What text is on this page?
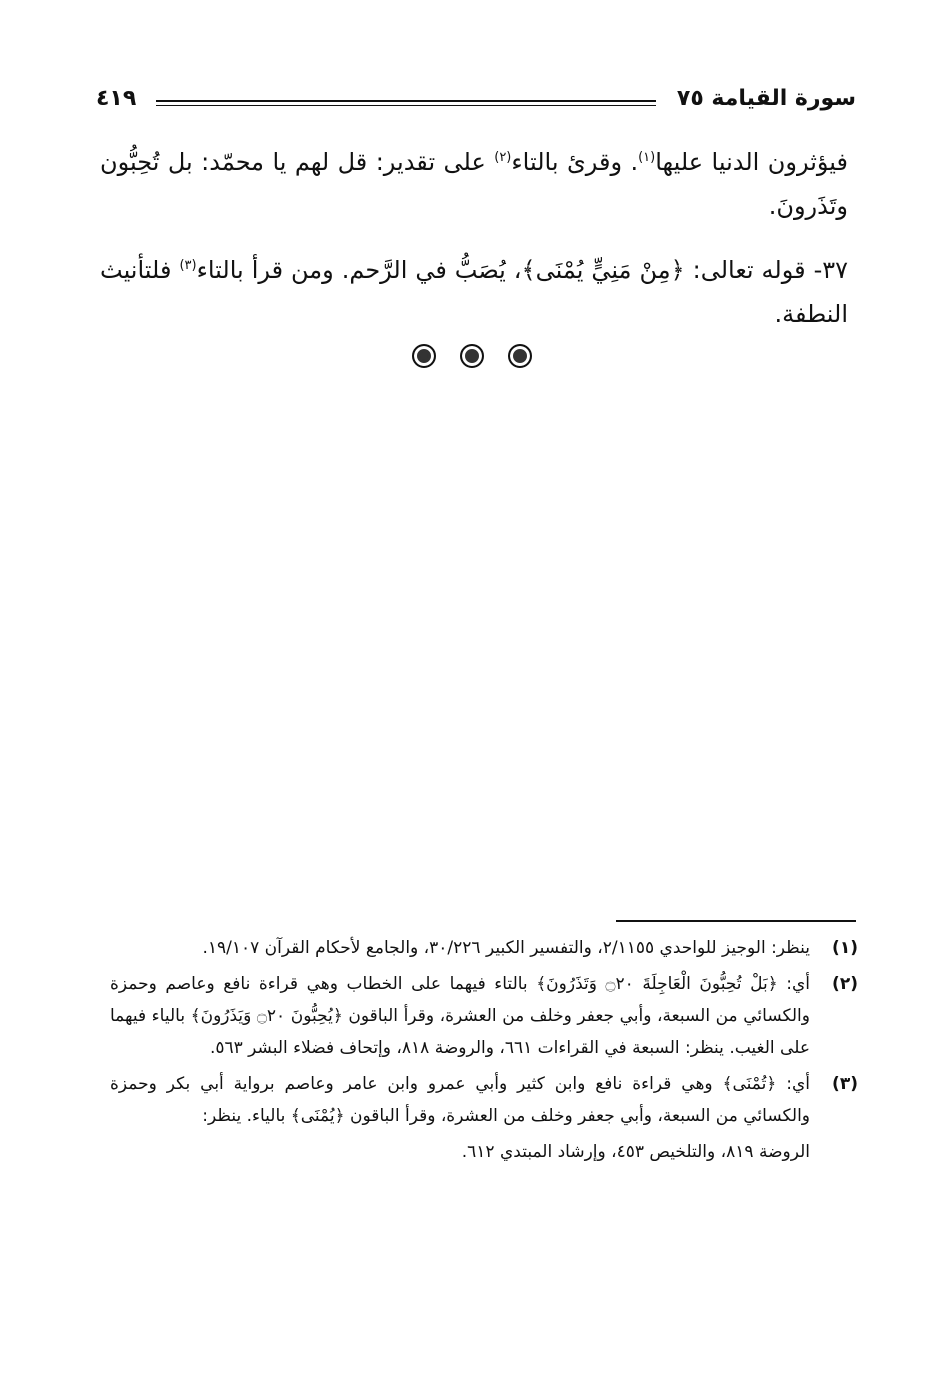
سورة القيامة ٧٥
٤١٩

فيؤثرون الدنيا عليها$^{(١)}$. وقرئ بالتاء$^{(٢)}$ على تقدير: قل لهم يا محمّد: بل تُحِبُّون وتَذَرونَ.

٣٧- قوله تعالى: ﴿مِنْ مَنِيٍّ يُمْنَى﴾، يُصَبُّ في الرَّحم. ومن قرأ بالتاء$^{(٣)}$ فلتأنيث النطفة.

(١)
ينظر: الوجيز للواحدي ٢/١١٥٥، والتفسير الكبير ٣٠/٢٢٦، والجامع لأحكام القرآن ١٩/١٠٧.
(٢)
أي: ﴿بَلْ تُحِبُّونَ الْعَاجِلَةَ ۝٢٠ وَتَذَرُونَ﴾ بالتاء فيهما على الخطاب وهي قراءة نافع وعاصم وحمزة والكسائي من السبعة، وأبي جعفر وخلف من العشرة، وقرأ الباقون ﴿يُحِبُّونَ ۝٢٠ وَيَذَرُونَ﴾ بالياء فيهما على الغيب. ينظر: السبعة في القراءات ٦٦١، والروضة ٨١٨، وإتحاف فضلاء البشر ٥٦٣.
(٣)
أي: ﴿تُمْنَى﴾ وهي قراءة نافع وابن كثير وأبي عمرو وابن عامر وعاصم برواية أبي بكر وحمزة والكسائي من السبعة، وأبي جعفر وخلف من العشرة، وقرأ الباقون ﴿يُمْنَى﴾ بالياء. ينظر:
الروضة ٨١٩، والتلخيص ٤٥٣، وإرشاد المبتدي ٦١٢.
